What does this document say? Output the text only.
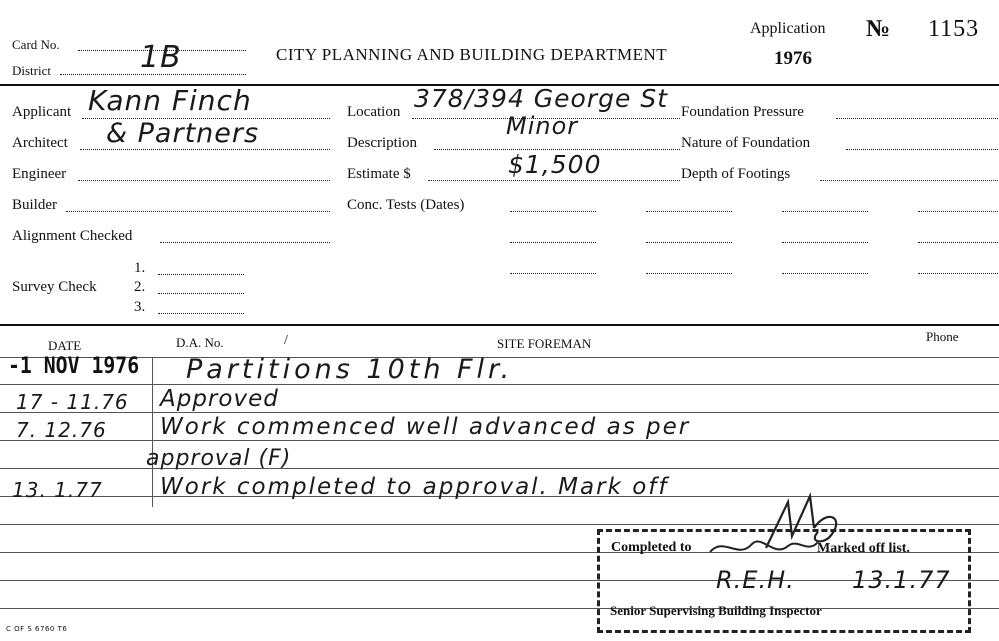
Card No.
District	1B	CITY PLANNING AND BUILDING DEPARTMENT
Application
1976
№ 1153
Applicant Kann Finch
Architect & Partners
Engineer
Builder
Alignment Checked
1.
Survey Check 2.
3.
Location 378/394 George St
Description
Minor
Estimate $	$1,500
Conc. Tests (Dates)
Foundation Pressure
Nature of Foundation
Depth of Footings
DATE	D.A. No.	/	SITE FOREMAN	Phone
-1 NOV 1976 Partitions 10th Flr.
17 - 11.76 Approved
7. 12.76 Work commenced well advanced as per
approval (F)
13. 1.77 Work completed to approval. Mark off
Completed to	Marked off list.
R.E.H. 13.1.77
Senior Supervising Building Inspector
C OF S 6760 T6
